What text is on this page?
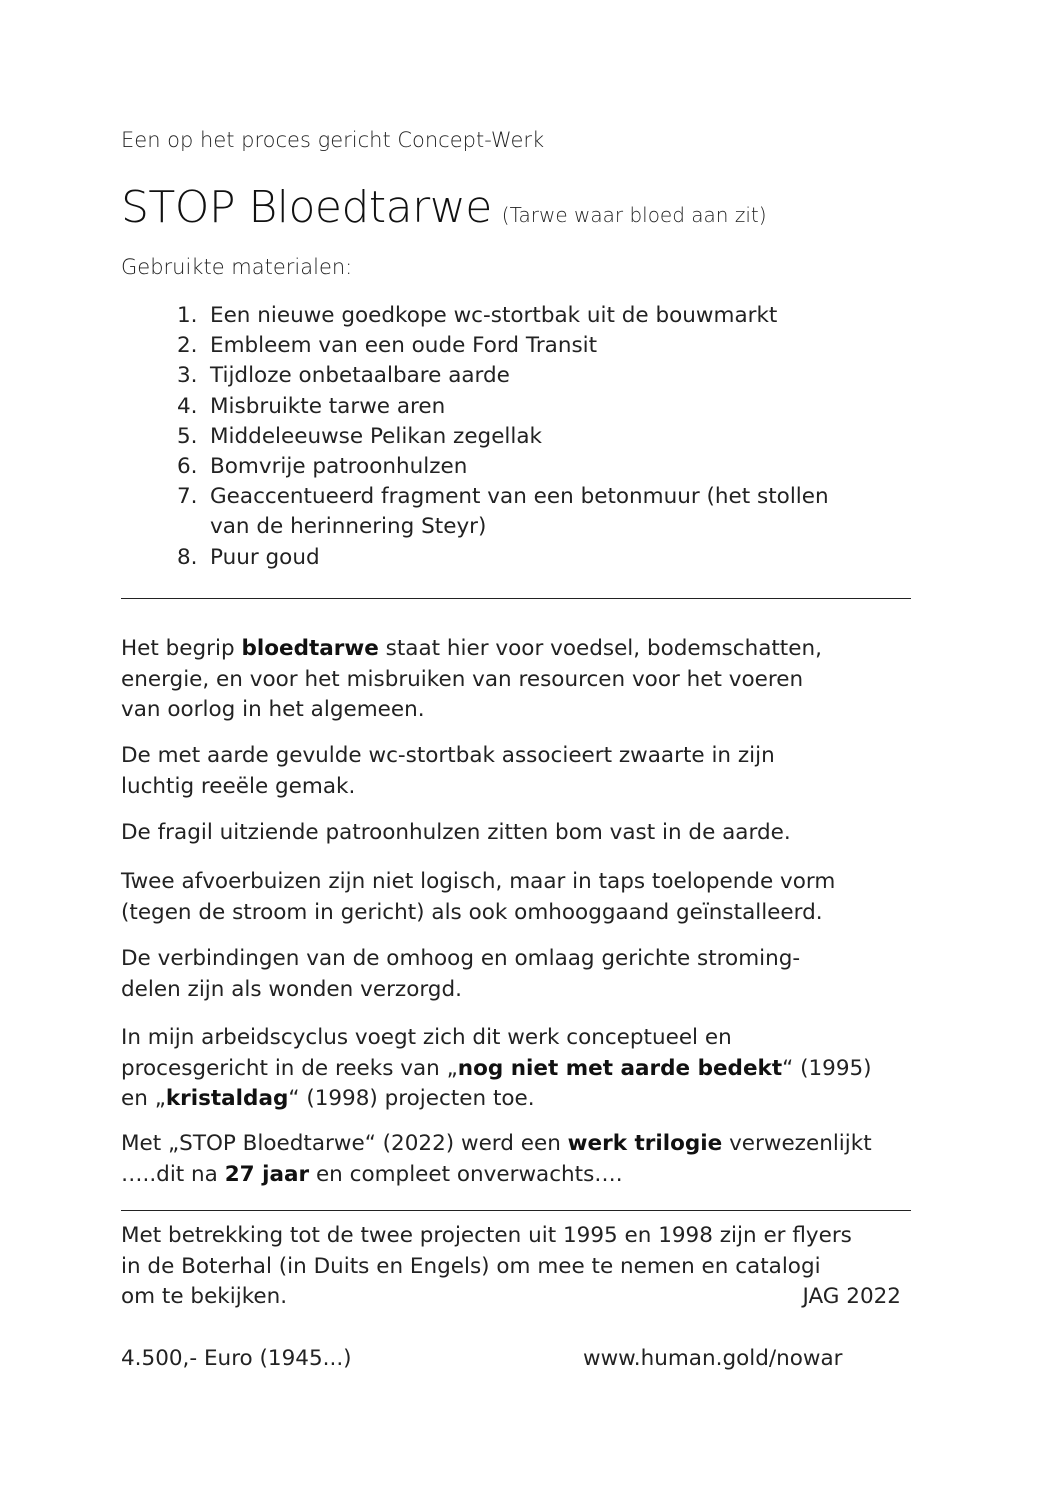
Een op het proces gericht Concept-Werk

STOP Bloedtarwe (Tarwe waar bloed aan zit)

Gebruikte materialen:

1. Een nieuwe goedkope wc-stortbak uit de bouwmarkt
2. Embleem van een oude Ford Transit
3. Tijdloze onbetaalbare aarde
4. Misbruikte tarwe aren
5. Middeleeuwse Pelikan zegellak
6. Bomvrije patroonhulzen
7. Geaccentueerd fragment van een betonmuur (het stollen
van de herinnering Steyr)
8. Puur goud

Het begrip bloedtarwe staat hier voor voedsel, bodemschatten,
energie, en voor het misbruiken van resourcen voor het voeren
van oorlog in het algemeen.

De met aarde gevulde wc-stortbak associeert zwaarte in zijn
luchtig reeële gemak.

De fragil uitziende patroonhulzen zitten bom vast in de aarde.

Twee afvoerbuizen zijn niet logisch, maar in taps toelopende vorm
(tegen de stroom in gericht) als ook omhooggaand geïnstalleerd.

De verbindingen van de omhoog en omlaag gerichte stroming-
delen zijn als wonden verzorgd.

In mijn arbeidscyclus voegt zich dit werk conceptueel en
procesgericht in de reeks van „nog niet met aarde bedekt“ (1995)
en „kristaldag“ (1998) projecten toe.

Met „STOP Bloedtarwe“ (2022) werd een werk trilogie verwezenlijkt
…..dit na 27 jaar en compleet onverwachts….

Met betrekking tot de twee projecten uit 1995 en 1998 zijn er flyers
in de Boterhal (in Duits en Engels) om mee te nemen en catalogi
om te bekijken.	JAG 2022

4.500,- Euro (1945...)	www.human.gold/nowar
